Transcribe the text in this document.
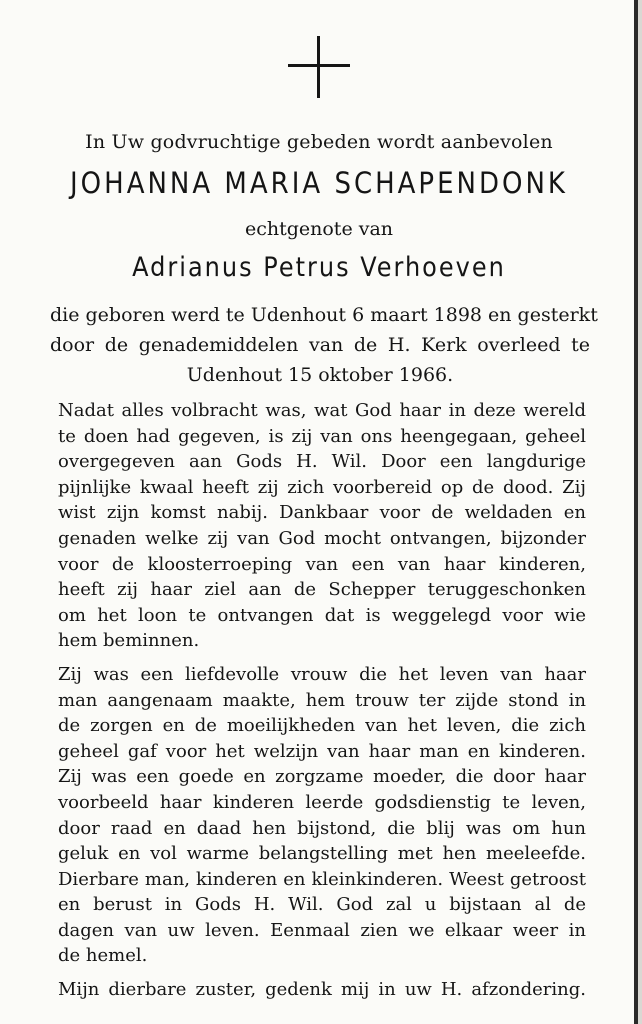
In Uw godvruchtige gebeden wordt aanbevolen
JOHANNA MARIA SCHAPENDONK
echtgenote van
Adrianus Petrus Verhoeven
die geboren werd te Udenhout 6 maart 1898 en gesterkt
door de genademiddelen van de H. Kerk overleed te
Udenhout 15 oktober 1966.
Nadat alles volbracht was, wat God haar in deze wereld
te doen had gegeven, is zij van ons heengegaan, geheel
overgegeven aan Gods H. Wil. Door een langdurige
pijnlijke kwaal heeft zij zich voorbereid op de dood. Zij
wist zijn komst nabij. Dankbaar voor de weldaden en
genaden welke zij van God mocht ontvangen, bijzonder
voor de kloosterroeping van een van haar kinderen,
heeft zij haar ziel aan de Schepper teruggeschonken
om het loon te ontvangen dat is weggelegd voor wie
hem beminnen.
Zij was een liefdevolle vrouw die het leven van haar
man aangenaam maakte, hem trouw ter zijde stond in
de zorgen en de moeilijkheden van het leven, die zich
geheel gaf voor het welzijn van haar man en kinderen.
Zij was een goede en zorgzame moeder, die door haar
voorbeeld haar kinderen leerde godsdienstig te leven,
door raad en daad hen bijstond, die blij was om hun
geluk en vol warme belangstelling met hen meeleefde.
Dierbare man, kinderen en kleinkinderen. Weest getroost
en berust in Gods H. Wil. God zal u bijstaan al de
dagen van uw leven. Eenmaal zien we elkaar weer in
de hemel.
Mijn dierbare zuster, gedenk mij in uw H. afzondering.
